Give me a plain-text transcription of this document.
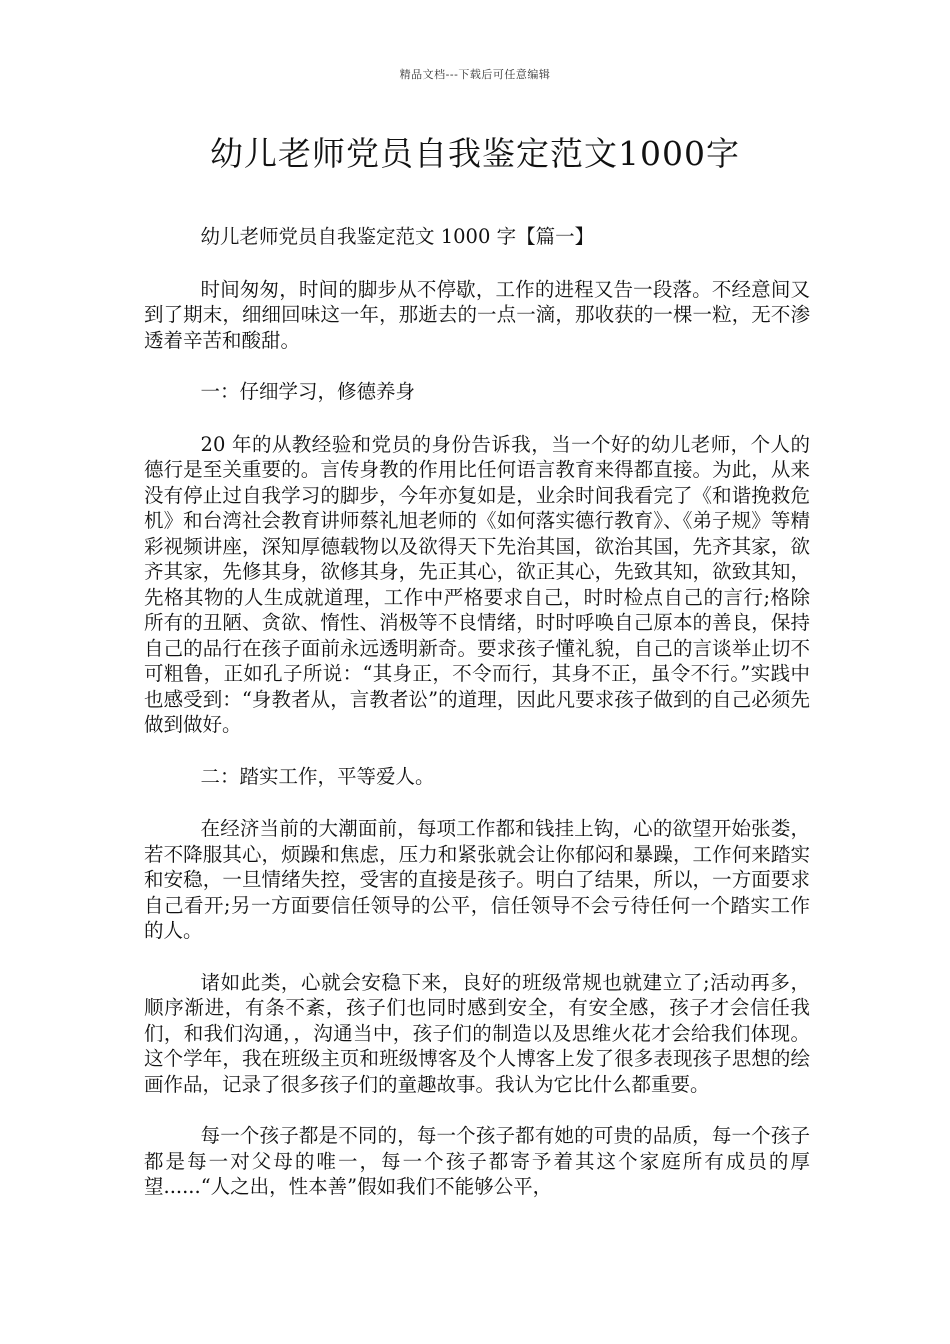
精品文档---下载后可任意编辑
幼儿老师党员自我鉴定范文1000字

幼儿老师党员自我鉴定范文 1000 字【篇一】

时间匆匆，时间的脚步从不停歇，工作的进程又告一段落。不经意间又到了期末，细细回味这一年，那逝去的一点一滴，那收获的一棵一粒，无不渗透着辛苦和酸甜。

一：仔细学习，修德养身

20 年的从教经验和党员的身份告诉我，当一个好的幼儿老师，个人的德行是至关重要的。言传身教的作用比任何语言教育来得都直接。为此，从来没有停止过自我学习的脚步，今年亦复如是，业余时间我看完了《和谐挽救危机》和台湾社会教育讲师蔡礼旭老师的《如何落实德行教育》、《弟子规》等精彩视频讲座，深知厚德载物以及欲得天下先治其国，欲治其国，先齐其家，欲齐其家，先修其身，欲修其身，先正其心，欲正其心，先致其知，欲致其知，先格其物的人生成就道理，工作中严格要求自己，时时检点自己的言行;格除所有的丑陋、贪欲、惰性、消极等不良情绪，时时呼唤自己原本的善良，保持自己的品行在孩子面前永远透明新奇。要求孩子懂礼貌，自己的言谈举止切不可粗鲁，正如孔子所说：“其身正，不令而行，其身不正，虽令不行。”实践中也感受到：“身教者从，言教者讼”的道理，因此凡要求孩子做到的自己必须先做到做好。

二：踏实工作，平等爱人。

在经济当前的大潮面前，每项工作都和钱挂上钩，心的欲望开始张娄，若不降服其心，烦躁和焦虑，压力和紧张就会让你郁闷和暴躁，工作何来踏实和安稳，一旦情绪失控，受害的直接是孩子。明白了结果，所以，一方面要求自己看开;另一方面要信任领导的公平，信任领导不会亏待任何一个踏实工作的人。

诸如此类，心就会安稳下来，良好的班级常规也就建立了;活动再多，顺序渐进，有条不紊，孩子们也同时感到安全，有安全感，孩子才会信任我们，和我们沟通，，沟通当中，孩子们的制造以及思维火花才会给我们体现。这个学年，我在班级主页和班级博客及个人博客上发了很多表现孩子思想的绘画作品，记录了很多孩子们的童趣故事。我认为它比什么都重要。

每一个孩子都是不同的，每一个孩子都有她的可贵的品质，每一个孩子都是每一对父母的唯一，每一个孩子都寄予着其这个家庭所有成员的厚望......“人之出，性本善”假如我们不能够公平，
